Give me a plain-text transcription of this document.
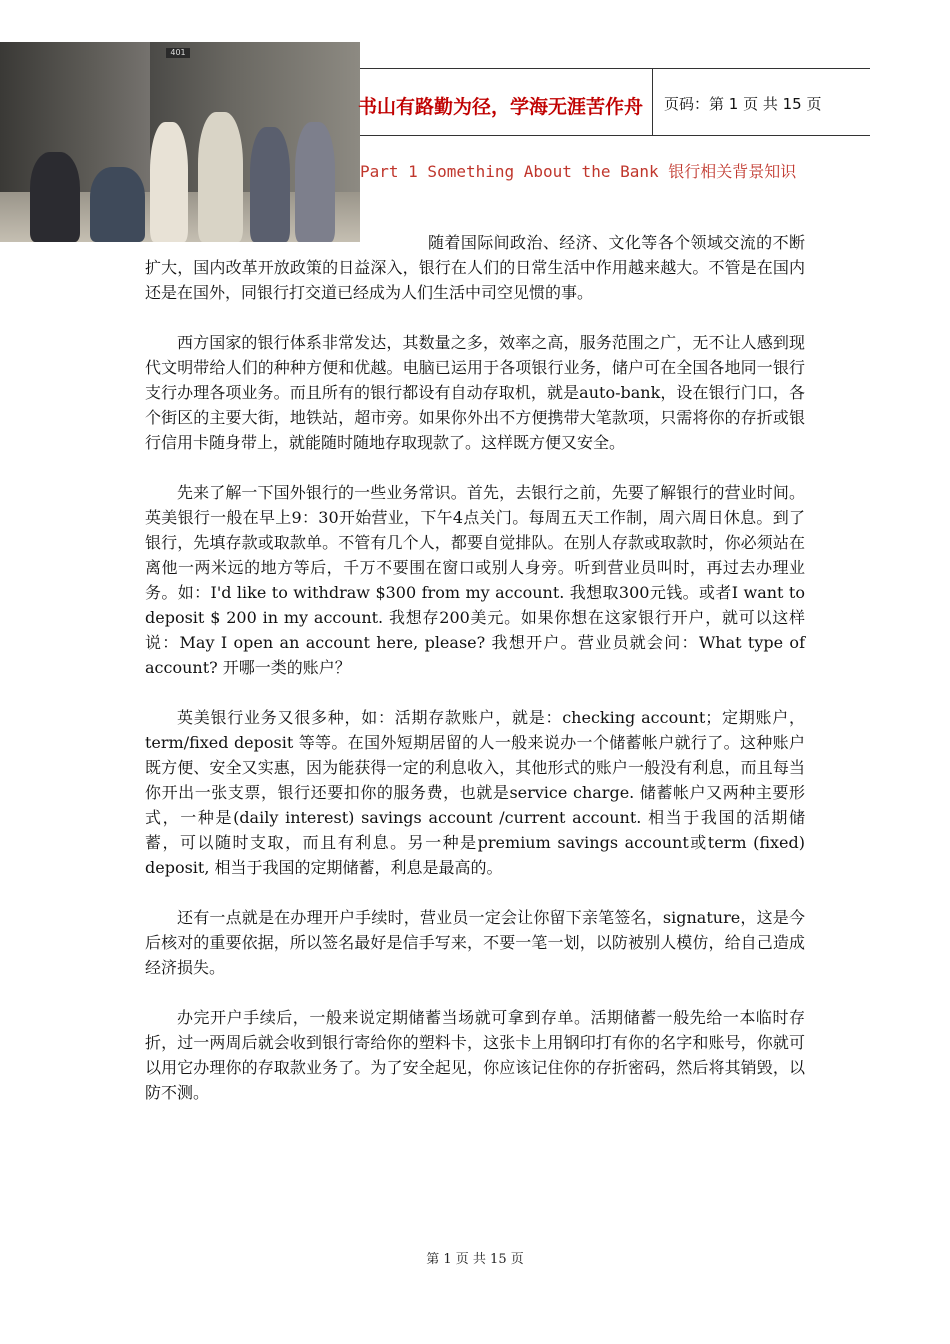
401
书山有路勤为径，学海无涯苦作舟	页码：第 1 页 共 15 页
Part 1 Something About the Bank 银行相关背景知识

随着国际间政治、经济、文化等各个领域交流的不断扩大，国内改革开放政策的日益深入，银行在人们的日常生活中作用越来越大。不管是在国内还是在国外，同银行打交道已经成为人们生活中司空见惯的事。

西方国家的银行体系非常发达，其数量之多，效率之高，服务范围之广，无不让人感到现代文明带给人们的种种方便和优越。电脑已运用于各项银行业务，储户可在全国各地同一银行支行办理各项业务。而且所有的银行都设有自动存取机，就是auto-bank，设在银行门口，各个街区的主要大街，地铁站，超市旁。如果你外出不方便携带大笔款项，只需将你的存折或银行信用卡随身带上，就能随时随地存取现款了。这样既方便又安全。

先来了解一下国外银行的一些业务常识。首先，去银行之前，先要了解银行的营业时间。英美银行一般在早上9：30开始营业，下午4点关门。每周五天工作制，周六周日休息。到了银行，先填存款或取款单。不管有几个人，都要自觉排队。在别人存款或取款时，你必须站在离他一两米远的地方等后，千万不要围在窗口或别人身旁。听到营业员叫时，再过去办理业务。如：I'd like to withdraw $300 from my account. 我想取300元钱。或者I want to deposit $ 200 in my account. 我想存200美元。如果你想在这家银行开户，就可以这样说：May I open an account here, please? 我想开户。营业员就会问：What type of account? 开哪一类的账户？

英美银行业务又很多种，如：活期存款账户，就是：checking account；定期账户，term/fixed deposit 等等。在国外短期居留的人一般来说办一个储蓄帐户就行了。这种账户既方便、安全又实惠，因为能获得一定的利息收入，其他形式的账户一般没有利息，而且每当你开出一张支票，银行还要扣你的服务费，也就是service charge. 储蓄帐户又两种主要形式，一种是(daily interest) savings account /current account. 相当于我国的活期储蓄，可以随时支取，而且有利息。另一种是premium savings account或term (fixed) deposit, 相当于我国的定期储蓄，利息是最高的。

还有一点就是在办理开户手续时，营业员一定会让你留下亲笔签名，signature，这是今后核对的重要依据，所以签名最好是信手写来，不要一笔一划，以防被别人模仿，给自己造成经济损失。

办完开户手续后，一般来说定期储蓄当场就可拿到存单。活期储蓄一般先给一本临时存折，过一两周后就会收到银行寄给你的塑料卡，这张卡上用钢印打有你的名字和账号，你就可以用它办理你的存取款业务了。为了安全起见，你应该记住你的存折密码，然后将其销毁，以防不测。

第 1 页 共 15 页
